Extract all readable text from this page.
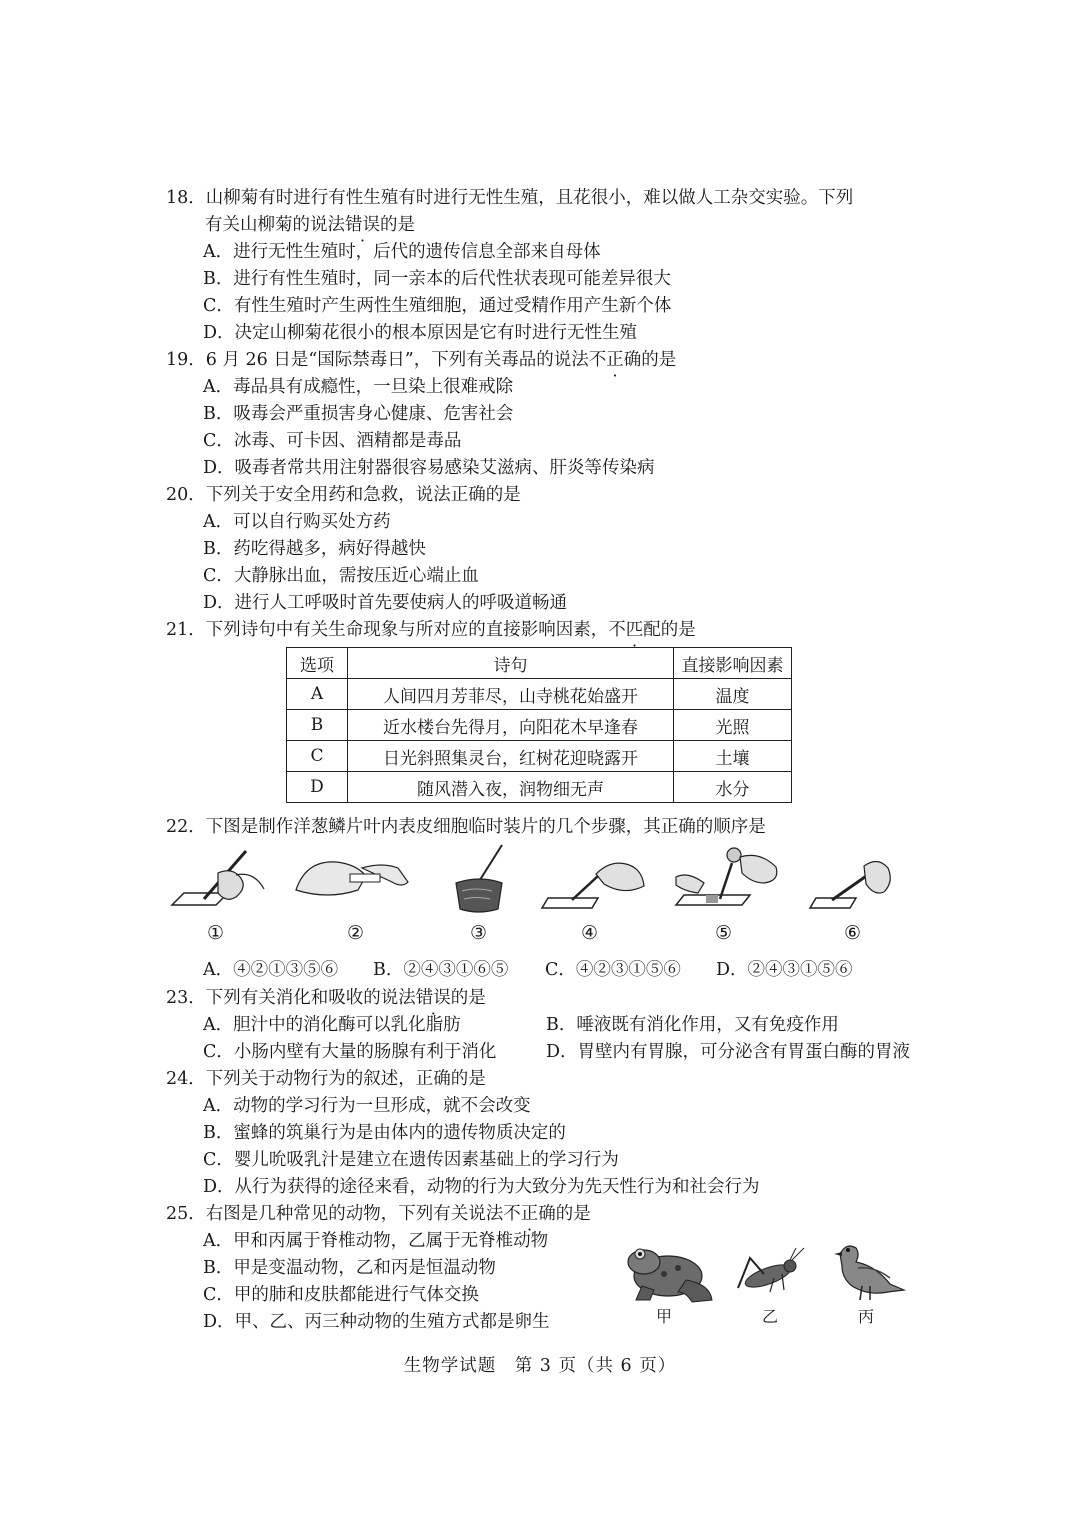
18．山柳菊有时进行有性生殖有时进行无性生殖，且花很小，难以做人工杂交实验。下列
有关山柳菊的说法错误的是
A．进行无性生殖时，后代的遗传信息全部来自母体
B．进行有性生殖时，同一亲本的后代性状表现可能差异很大
C．有性生殖时产生两性生殖细胞，通过受精作用产生新个体
D．决定山柳菊花很小的根本原因是它有时进行无性生殖
19．6 月 26 日是“国际禁毒日”，下列有关毒品的说法不正确的是
A．毒品具有成瘾性，一旦染上很难戒除
B．吸毒会严重损害身心健康、危害社会
C．冰毒、可卡因、酒精都是毒品
D．吸毒者常共用注射器很容易感染艾滋病、肝炎等传染病
20．下列关于安全用药和急救，说法正确的是
A．可以自行购买处方药
B．药吃得越多，病好得越快
C．大静脉出血，需按压近心端止血
D．进行人工呼吸时首先要使病人的呼吸道畅通
21．下列诗句中有关生命现象与所对应的直接影响因素，不匹配的是
选项	诗句	直接影响因素
A	人间四月芳菲尽，山寺桃花始盛开	温度
B	近水楼台先得月，向阳花木早逢春	光照
C	日光斜照集灵台，红树花迎晓露开	土壤
D	随风潜入夜，润物细无声	水分
22．下图是制作洋葱鳞片叶内表皮细胞临时装片的几个步骤，其正确的顺序是
①	②	③	④	⑤	⑥
A．④②①③⑤⑥ B．②④③①⑥⑤ C．④②③①⑤⑥ D．②④③①⑤⑥
23．下列有关消化和吸收的说法错误的是
A．胆汁中的消化酶可以乳化脂肪	B．唾液既有消化作用，又有免疫作用
C．小肠内壁有大量的肠腺有利于消化	D．胃壁内有胃腺，可分泌含有胃蛋白酶的胃液
24．下列关于动物行为的叙述，正确的是
A．动物的学习行为一旦形成，就不会改变
B．蜜蜂的筑巢行为是由体内的遗传物质决定的
C．婴儿吮吸乳汁是建立在遗传因素基础上的学习行为
D．从行为获得的途径来看，动物的行为大致分为先天性行为和社会行为
25．右图是几种常见的动物，下列有关说法不正确的是
A．甲和丙属于脊椎动物，乙属于无脊椎动物
B．甲是变温动物，乙和丙是恒温动物
C．甲的肺和皮肤都能进行气体交换
D．甲、乙、丙三种动物的生殖方式都是卵生	甲	乙	丙
生物学试题　第 3 页（共 6 页）
